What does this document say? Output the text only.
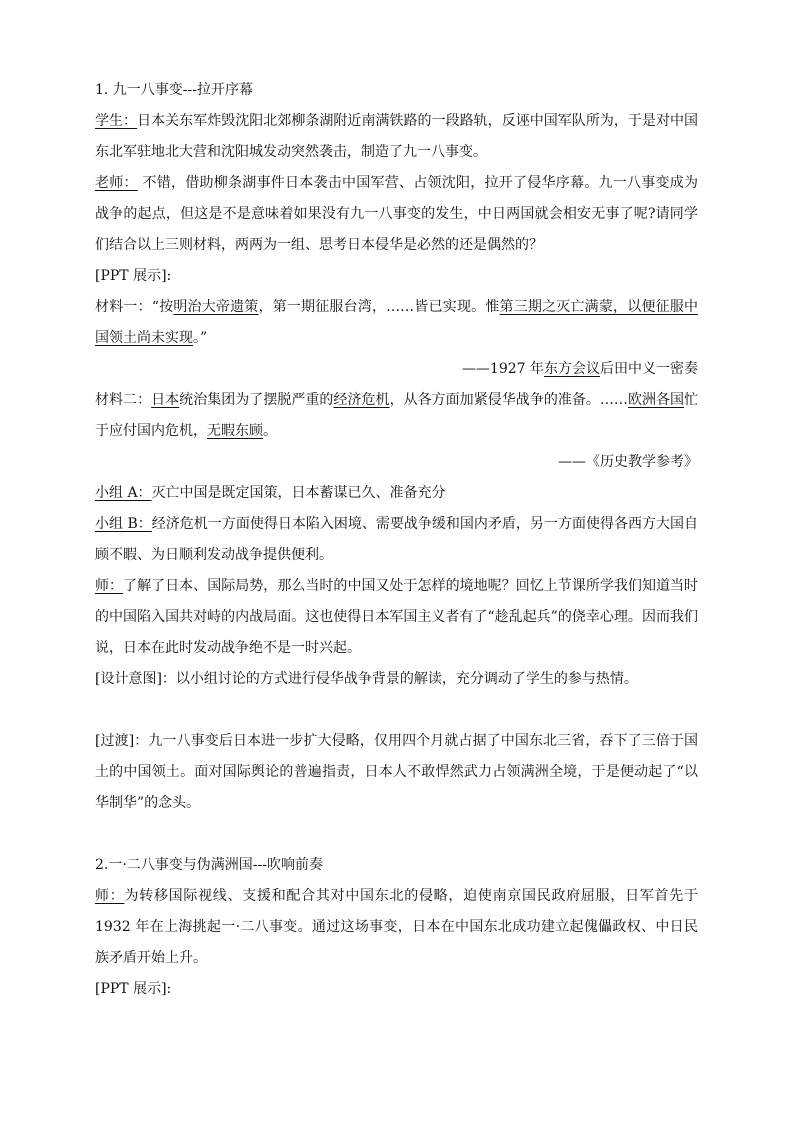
1. 九一八事变---拉开序幕

学生：日本关东军炸毁沈阳北郊柳条湖附近南满铁路的一段路轨，反诬中国军队所为，于是对中国东北军驻地北大营和沈阳城发动突然袭击，制造了九一八事变。

老师： 不错，借助柳条湖事件日本袭击中国军营、占领沈阳，拉开了侵华序幕。九一八事变成为战争的起点，但这是不是意味着如果没有九一八事变的发生，中日两国就会相安无事了呢?请同学们结合以上三则材料，两两为一组、思考日本侵华是必然的还是偶然的？

[PPT 展示]:

材料一：“按明治大帝遗策，第一期征服台湾，……皆已实现。惟第三期之灭亡满蒙，以便征服中国领土尚未实现。”

——1927 年东方会议后田中义一密奏

材料二：日本统治集团为了摆脱严重的经济危机，从各方面加紧侵华战争的准备。……欧洲各国忙于应付国内危机，无暇东顾。

——《历史教学参考》

小组 A：灭亡中国是既定国策，日本蓄谋已久、准备充分

小组 B：经济危机一方面使得日本陷入困境、需要战争缓和国内矛盾，另一方面使得各西方大国自顾不暇、为日顺利发动战争提供便利。

师：了解了日本、国际局势，那么当时的中国又处于怎样的境地呢？回忆上节课所学我们知道当时的中国陷入国共对峙的内战局面。这也使得日本军国主义者有了“趁乱起兵”的侥幸心理。因而我们说，日本在此时发动战争绝不是一时兴起。

[设计意图]：以小组讨论的方式进行侵华战争背景的解读，充分调动了学生的参与热情。

[过渡]：九一八事变后日本进一步扩大侵略，仅用四个月就占据了中国东北三省，吞下了三倍于国土的中国领土。面对国际舆论的普遍指责，日本人不敢悍然武力占领满洲全境，于是便动起了“以华制华”的念头。

2.一·二八事变与伪满洲国---吹响前奏

师：为转移国际视线、支援和配合其对中国东北的侵略，迫使南京国民政府屈服，日军首先于 1932 年在上海挑起一·二八事变。通过这场事变，日本在中国东北成功建立起傀儡政权、中日民族矛盾开始上升。

[PPT 展示]:
